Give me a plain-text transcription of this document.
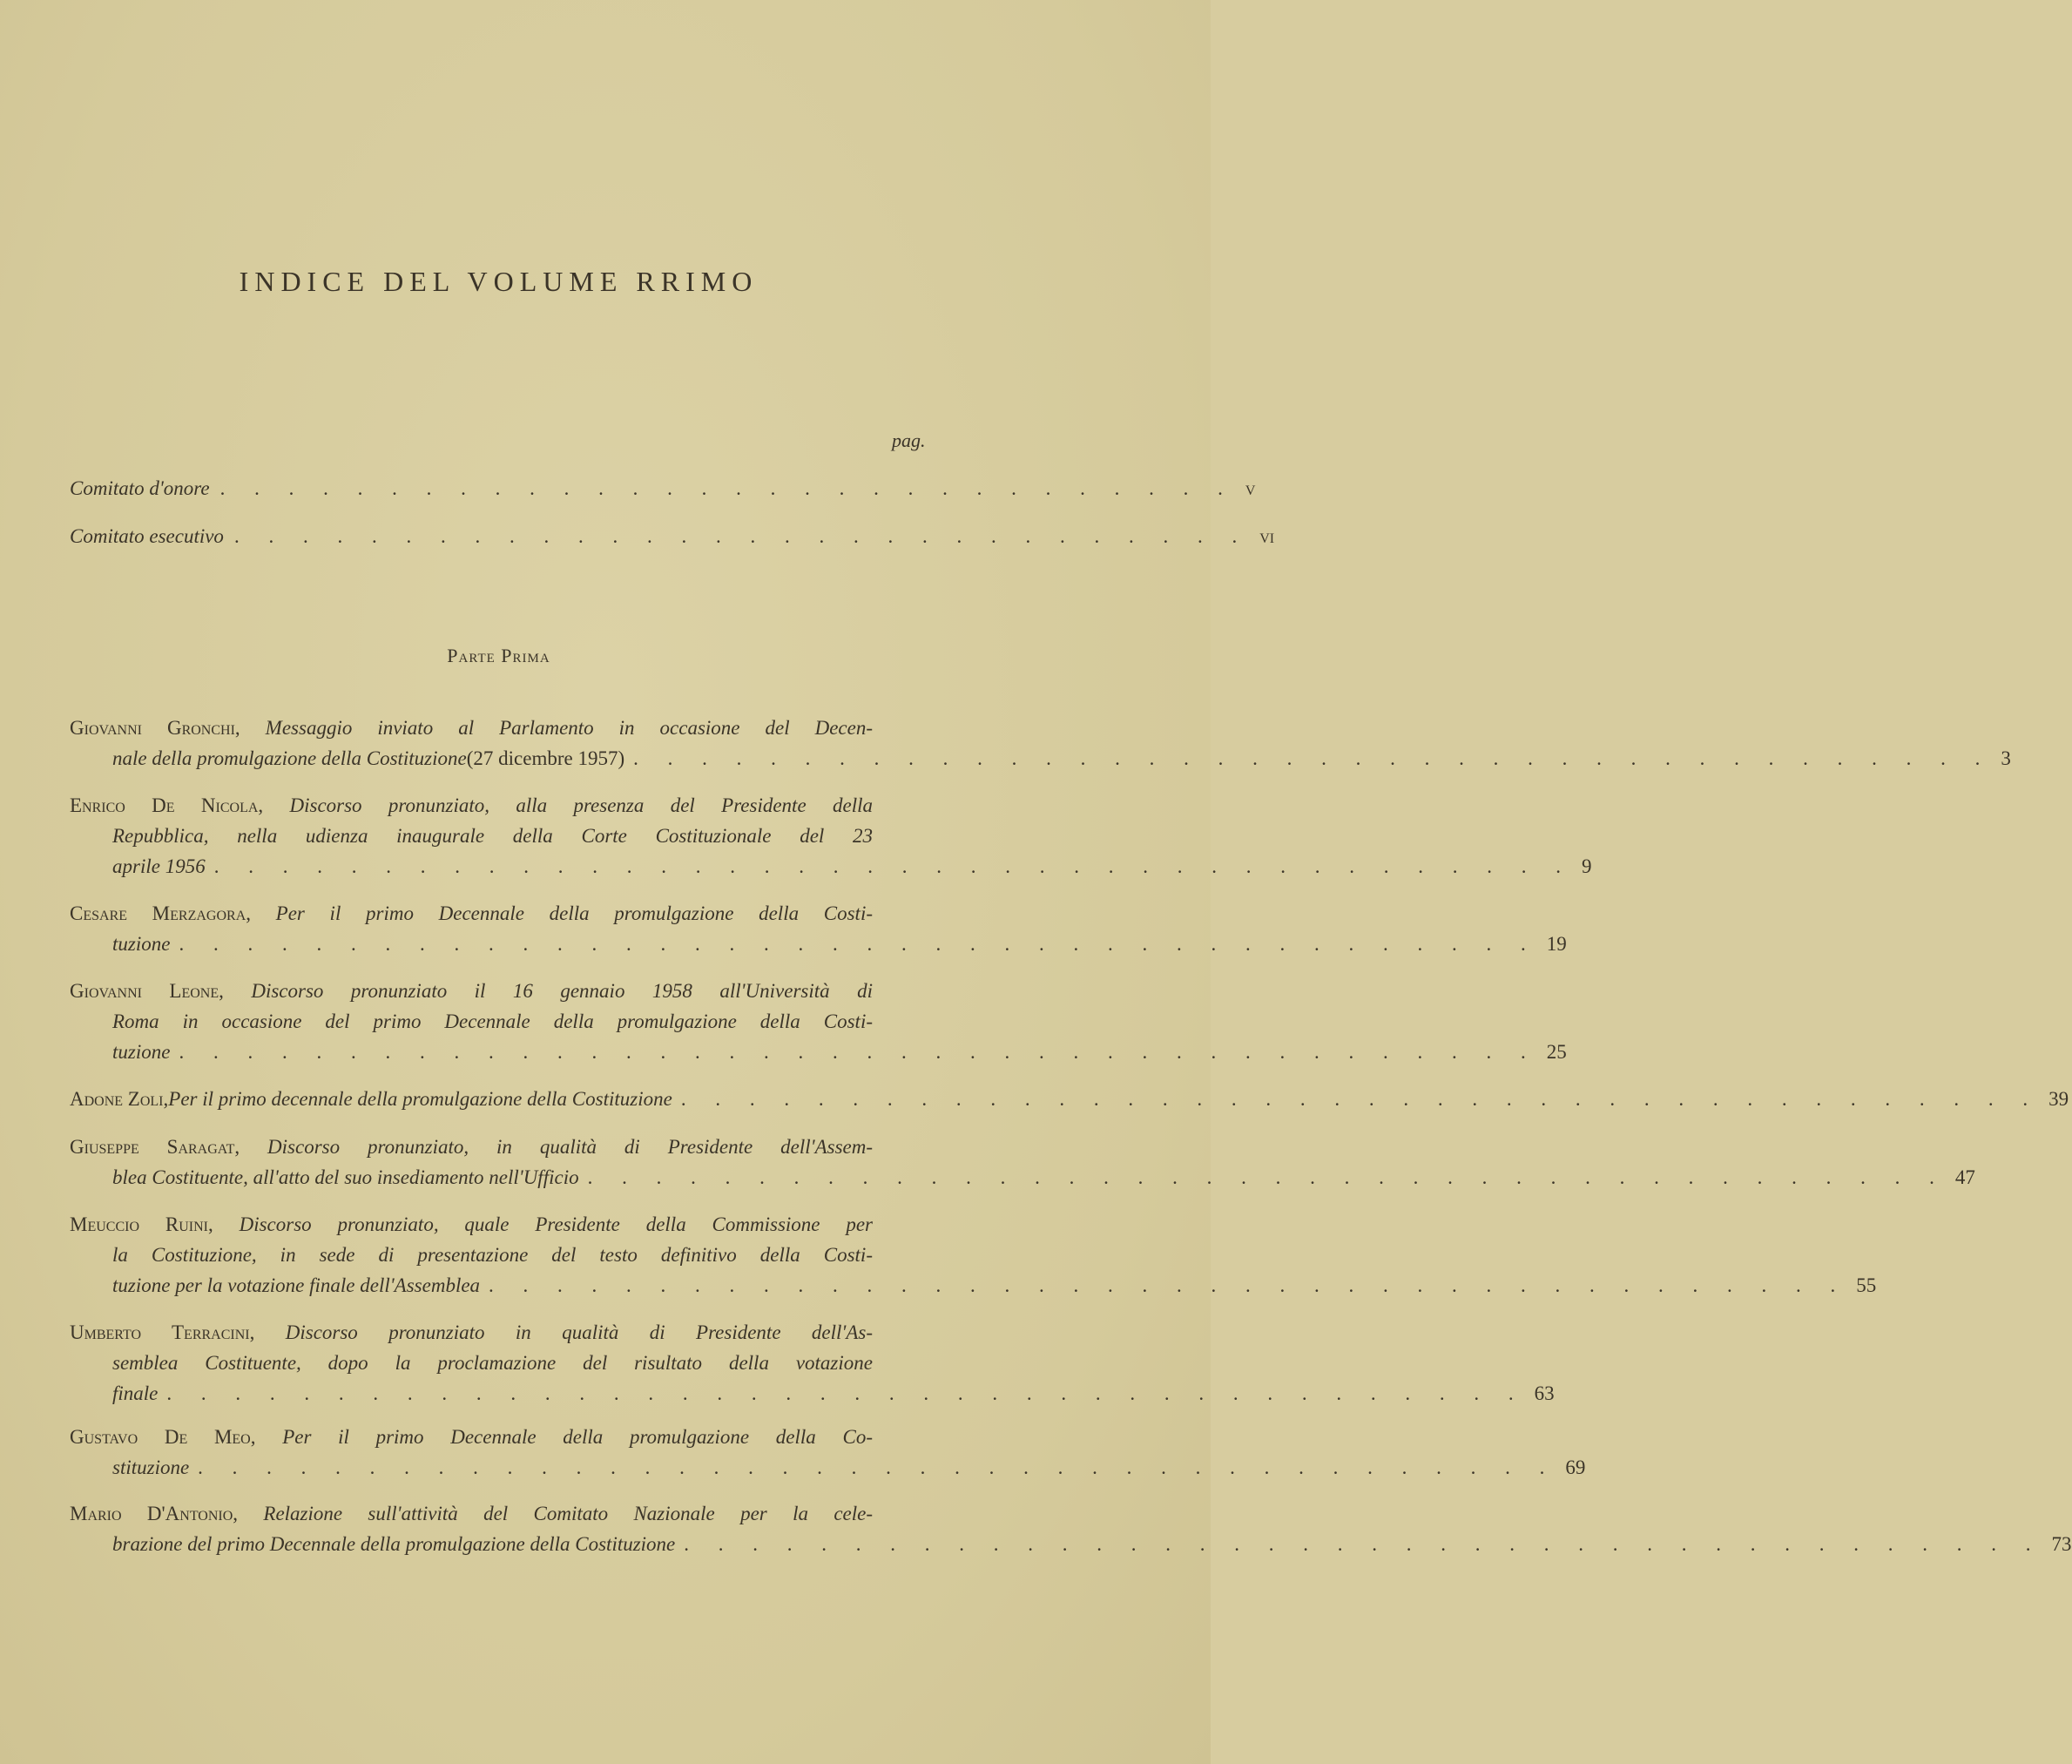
INDICE DEL VOLUME RRIMO
pag.
Comitato d'onore . . . . . . . . . . . . . . . . . . . . . . . . . . . . . . v
Comitato esecutivo . . . . . . . . . . . . . . . . . . . . . . . . . . . . . . vi
Parte Prima
Giovanni Gronchi, Messaggio inviato al Parlamento in occasione del Decen-
nale della promulgazione della Costituzione (27 dicembre 1957) . . . . . . . . . . . . . . . . . . . . . . . . . . . . . . . . . . . . . . . . 3
Enrico De Nicola, Discorso pronunziato, alla presenza del Presidente della
Repubblica, nella udienza inaugurale della Corte Costituzionale del 23
aprile 1956 . . . . . . . . . . . . . . . . . . . . . . . . . . . . . . . . . . . . . . . . 9
Cesare Merzagora, Per il primo Decennale della promulgazione della Costi-
tuzione . . . . . . . . . . . . . . . . . . . . . . . . . . . . . . . . . . . . . . . . 19
Giovanni Leone, Discorso pronunziato il 16 gennaio 1958 all'Università di
Roma in occasione del primo Decennale della promulgazione della Costi-
tuzione . . . . . . . . . . . . . . . . . . . . . . . . . . . . . . . . . . . . . . . . 25
Adone Zoli, Per il primo decennale della promulgazione della Costituzione . . . . . . . . . . . . . . . . . . . . . . . . . . . . . . . . . . . . . . . . 39
Giuseppe Saragat, Discorso pronunziato, in qualità di Presidente dell'Assem-
blea Costituente, all'atto del suo insediamento nell'Ufficio . . . . . . . . . . . . . . . . . . . . . . . . . . . . . . . . . . . . . . . . 47
Meuccio Ruini, Discorso pronunziato, quale Presidente della Commissione per
la Costituzione, in sede di presentazione del testo definitivo della Costi-
tuzione per la votazione finale dell'Assemblea . . . . . . . . . . . . . . . . . . . . . . . . . . . . . . . . . . . . . . . . 55
Umberto Terracini, Discorso pronunziato in qualità di Presidente dell'As-
semblea Costituente, dopo la proclamazione del risultato della votazione
finale . . . . . . . . . . . . . . . . . . . . . . . . . . . . . . . . . . . . . . . . 63
Gustavo De Meo, Per il primo Decennale della promulgazione della Co-
stituzione . . . . . . . . . . . . . . . . . . . . . . . . . . . . . . . . . . . . . . . . 69
Mario D'Antonio, Relazione sull'attività del Comitato Nazionale per la cele-
brazione del primo Decennale della promulgazione della Costituzione . . . . . . . . . . . . . . . . . . . . . . . . . . . . . . . . . . . . . . . . 73
